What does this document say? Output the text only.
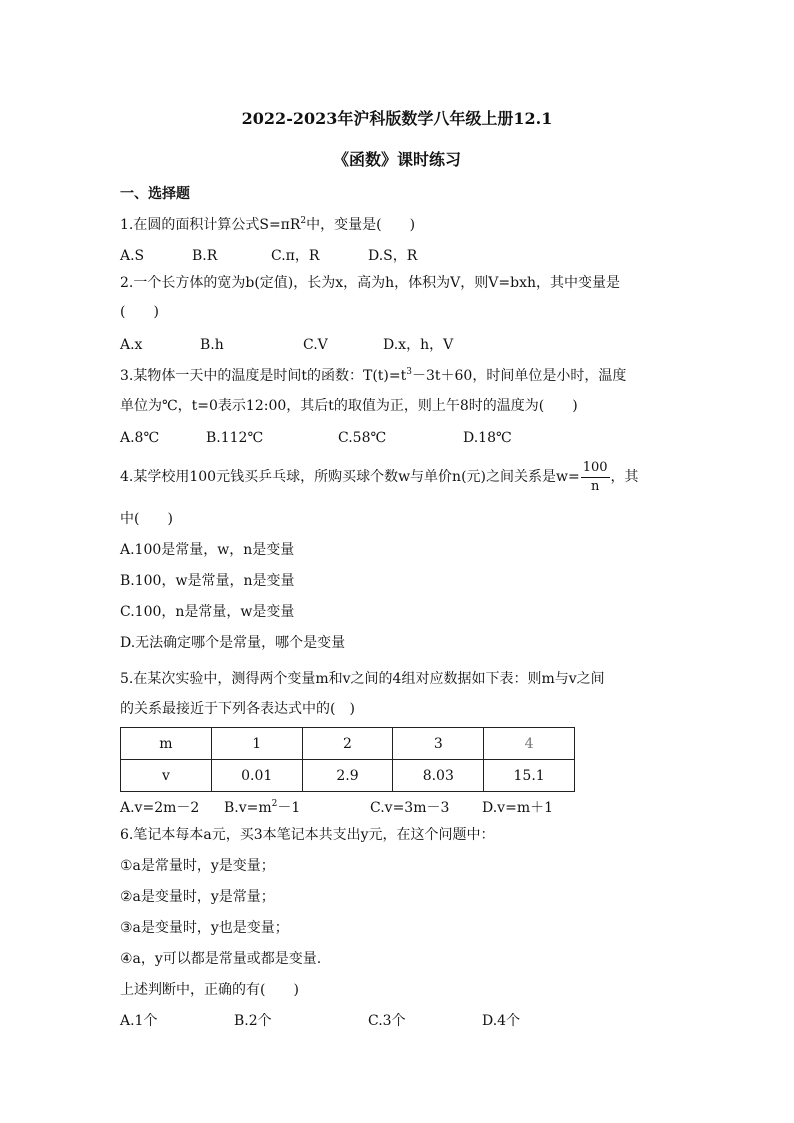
2022-2023年沪科版数学八年级上册12.1
《函数》课时练习
一、选择题
1.在圆的面积计算公式$S=\pi R^2$中，变量是(　　)
A.S	B.R	C.π，R	D.S，R
2.一个长方体的宽为b(定值)，长为x，高为h，体积为V，则V=bxh，其中变量是
(　　)
A.x	B.h	C.V	D.x，h，V
3.某物体一天中的温度是时间t的函数：$T(t)=t^3-3t+60$，时间单位是小时，温度
单位为℃，t=0表示12:00，其后t的取值为正，则上午8时的温度为(　　)
A.8℃	B.112℃	C.58℃	D.18℃
4.某学校用100元钱买乒乓球，所购买球个数w与单价n(元)之间关系是$w= \frac{100}{n}$ ，其
中(　　)
A.100是常量，w，n是变量
B.100，w是常量，n是变量
C.100，n是常量，w是变量
D.无法确定哪个是常量，哪个是变量
5.在某次实验中，测得两个变量m和v之间的4组对应数据如下表：则m与v之间
的关系最接近于下列各表达式中的(　)
m	1	2	3	4
v	0.01	2.9	8.03	15.1
A.v=2m－2 $B.v=m^2-1$	C.v=3m－3 D.v=m＋1
6.笔记本每本a元，买3本笔记本共支出y元，在这个问题中：
①a是常量时，y是变量；
②a是变量时，y是常量；
③a是变量时，y也是变量；
④a，y可以都是常量或都是变量.
上述判断中，正确的有(　　)
A.1个	B.2个	C.3个	D.4个
